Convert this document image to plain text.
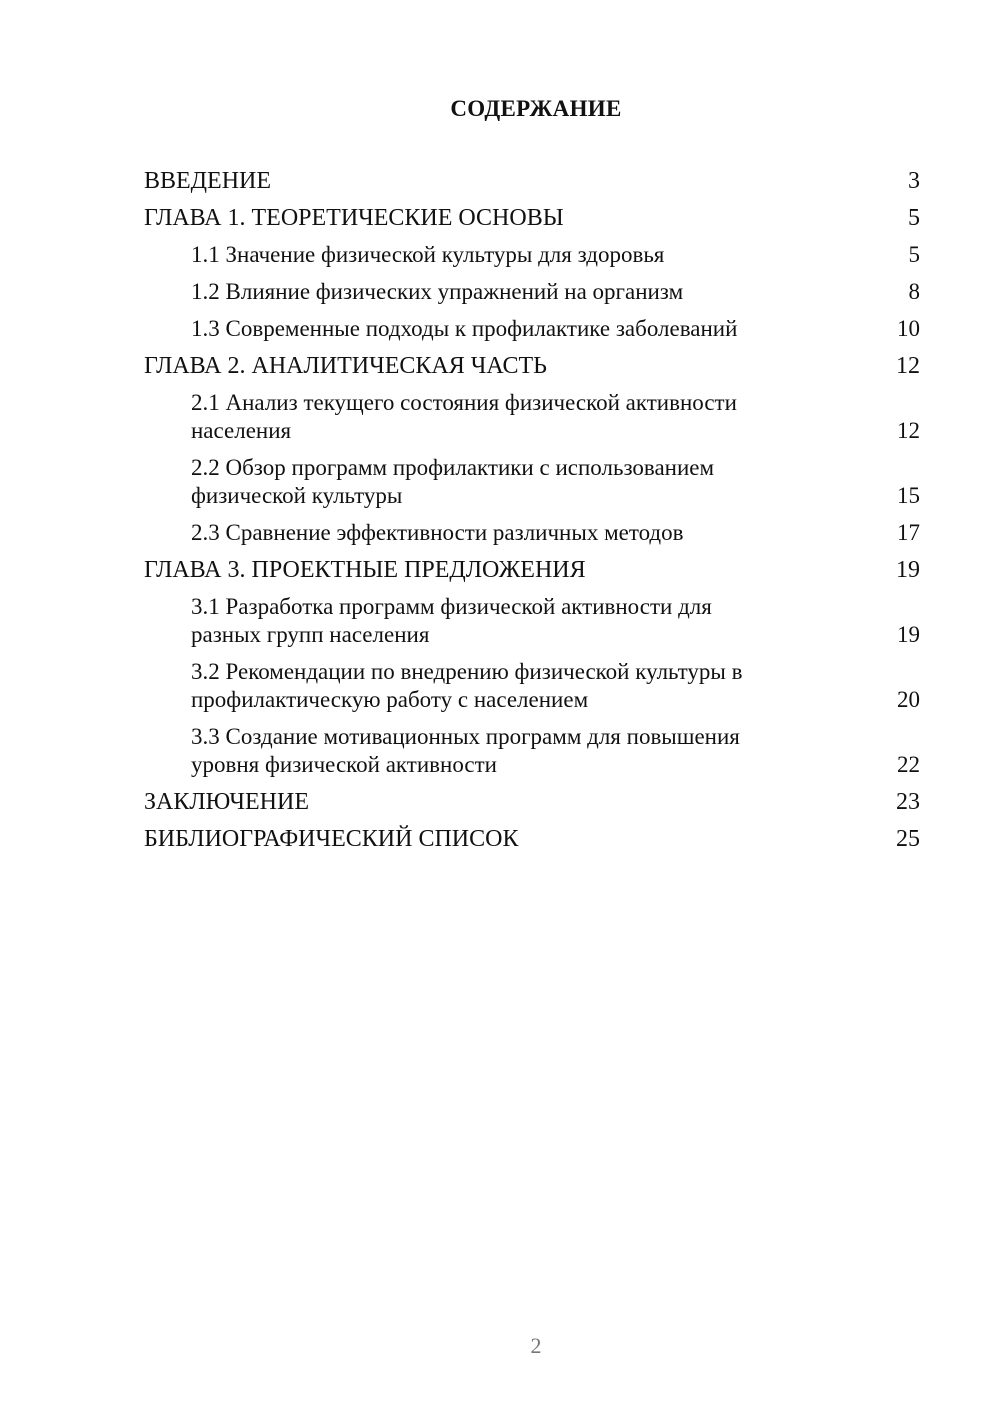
СОДЕРЖАНИЕ
ВВЕДЕНИЕ	3
ГЛАВА 1. ТЕОРЕТИЧЕСКИЕ ОСНОВЫ	5
1.1 Значение физической культуры для здоровья	5
1.2 Влияние физических упражнений на организм	8
1.3 Современные подходы к профилактике заболеваний	10
ГЛАВА 2. АНАЛИТИЧЕСКАЯ ЧАСТЬ	12
2.1 Анализ текущего состояния физической активности
населения	12
2.2 Обзор программ профилактики с использованием
физической культуры	15
2.3 Сравнение эффективности различных методов	17
ГЛАВА 3. ПРОЕКТНЫЕ ПРЕДЛОЖЕНИЯ	19
3.1 Разработка программ физической активности для
разных групп населения	19
3.2 Рекомендации по внедрению физической культуры в
профилактическую работу с населением	20
3.3 Создание мотивационных программ для повышения
уровня физической активности	22
ЗАКЛЮЧЕНИЕ	23
БИБЛИОГРАФИЧЕСКИЙ СПИСОК	25
2
